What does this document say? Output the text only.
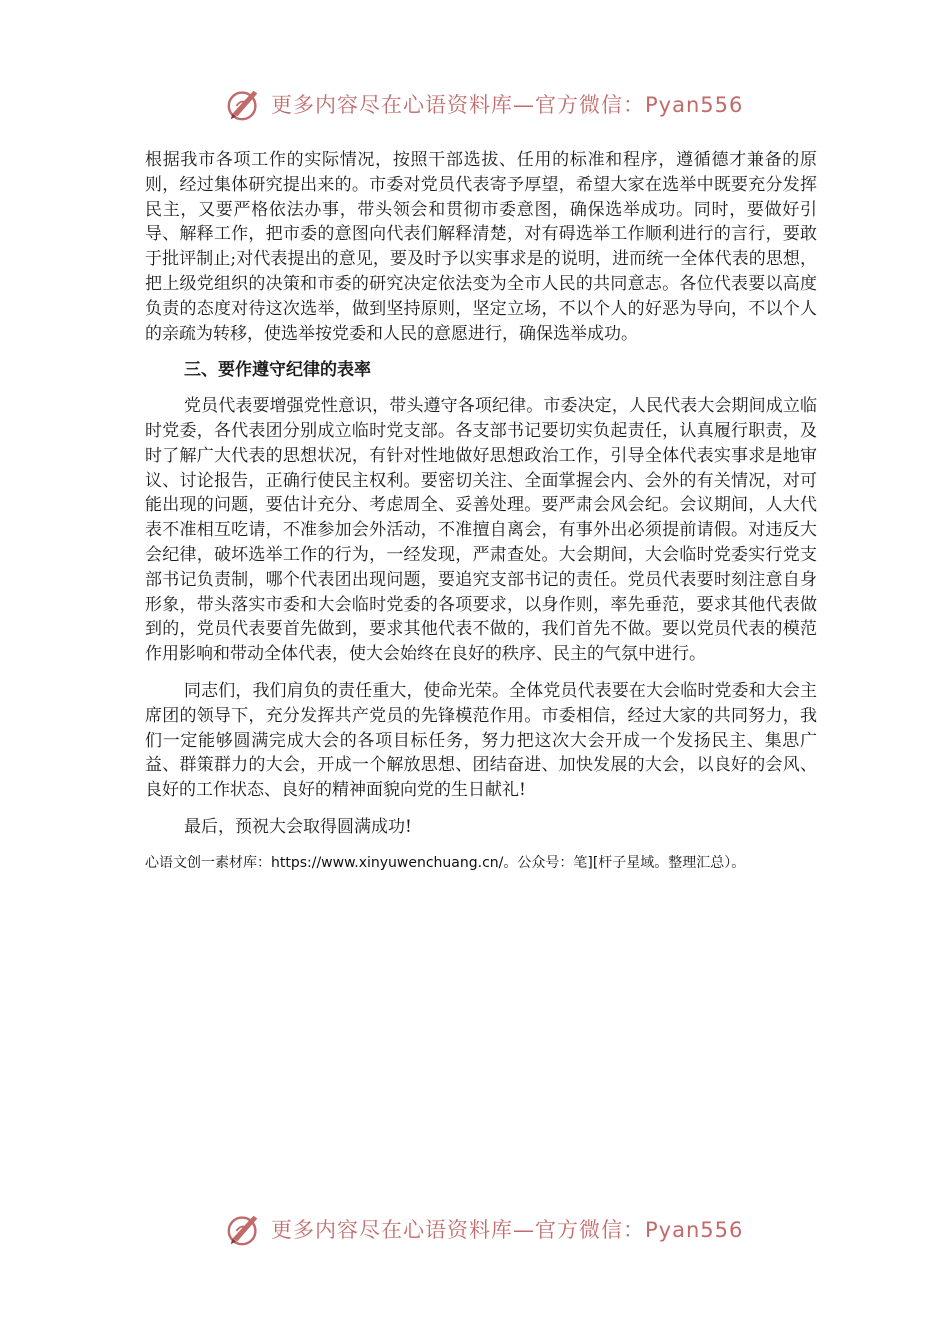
更多内容尽在心语资料库—官方微信：Pyan556

根据我市各项工作的实际情况，按照干部选拔、任用的标准和程序，遵循德才兼备的原则，经过集体研究提出来的。市委对党员代表寄予厚望，希望大家在选举中既要充分发挥民主，又要严格依法办事，带头领会和贯彻市委意图，确保选举成功。同时，要做好引导、解释工作，把市委的意图向代表们解释清楚，对有碍选举工作顺利进行的言行，要敢于批评制止;对代表提出的意见，要及时予以实事求是的说明，进而统一全体代表的思想，把上级党组织的决策和市委的研究决定依法变为全市人民的共同意志。各位代表要以高度负责的态度对待这次选举，做到坚持原则，坚定立场，不以个人的好恶为导向，不以个人的亲疏为转移，使选举按党委和人民的意愿进行，确保选举成功。

三、要作遵守纪律的表率

党员代表要增强党性意识，带头遵守各项纪律。市委决定，人民代表大会期间成立临时党委，各代表团分别成立临时党支部。各支部书记要切实负起责任，认真履行职责，及时了解广大代表的思想状况，有针对性地做好思想政治工作，引导全体代表实事求是地审议、讨论报告，正确行使民主权利。要密切关注、全面掌握会内、会外的有关情况，对可能出现的问题，要估计充分、考虑周全、妥善处理。要严肃会风会纪。会议期间，人大代表不准相互吃请，不准参加会外活动，不准擅自离会，有事外出必须提前请假。对违反大会纪律，破坏选举工作的行为，一经发现，严肃查处。大会期间，大会临时党委实行党支部书记负责制，哪个代表团出现问题，要追究支部书记的责任。党员代表要时刻注意自身形象，带头落实市委和大会临时党委的各项要求，以身作则，率先垂范，要求其他代表做到的，党员代表要首先做到，要求其他代表不做的，我们首先不做。要以党员代表的模范作用影响和带动全体代表，使大会始终在良好的秩序、民主的气氛中进行。

同志们，我们肩负的责任重大，使命光荣。全体党员代表要在大会临时党委和大会主席团的领导下，充分发挥共产党员的先锋模范作用。市委相信，经过大家的共同努力，我们一定能够圆满完成大会的各项目标任务，努力把这次大会开成一个发扬民主、集思广益、群策群力的大会，开成一个解放思想、团结奋进、加快发展的大会，以良好的会风、良好的工作状态、良好的精神面貌向党的生日献礼!

最后，预祝大会取得圆满成功!

心语文创一素材库：https://www.xinyuwenchuang.cn/。公众号：笔][杆子星域。整理汇总）。

更多内容尽在心语资料库—官方微信：Pyan556
